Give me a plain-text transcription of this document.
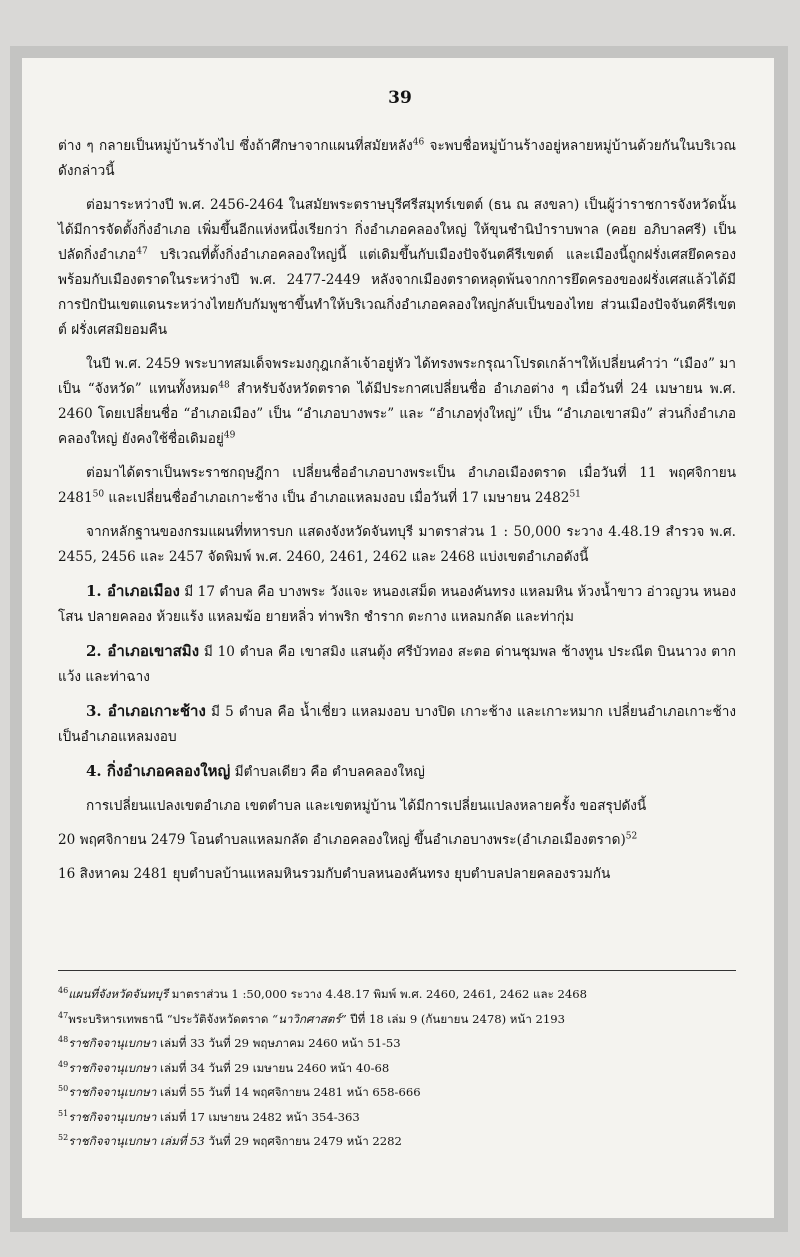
39

ต่าง ๆ กลายเป็นหมู่บ้านร้างไป ซึ่งถ้าศึกษาจากแผนที่สมัยหลัง$^{46}$ จะพบชื่อหมู่บ้านร้างอยู่หลายหมู่บ้านด้วยกันในบริเวณดังกล่าวนี้

ต่อมาระหว่างปี พ.ศ. 2456-2464 ในสมัยพระตราษบุรีศรีสมุทร์เขตต์ (ธน ณ สงขลา) เป็นผู้ว่าราชการจังหวัดนั้น ได้มีการจัดตั้งกิ่งอำเภอ เพิ่มขึ้นอีกแห่งหนึ่งเรียกว่า กิ่งอำเภอคลองใหญ่ ให้ขุนชำนิบำราบพาล (คอย อภิบาลศรี) เป็นปลัดกิ่งอำเภอ$^{47}$ บริเวณที่ตั้งกิ่งอำเภอคลองใหญ่นี้ แต่เดิมขึ้นกับเมืองปัจจันตคีรีเขตต์ และเมืองนี้ถูกฝรั่งเศสยึดครองพร้อมกับเมืองตราดในระหว่างปี พ.ศ. 2477-2449 หลังจากเมืองตราดหลุดพ้นจากการยึดครองของฝรั่งเศสแล้วได้มีการปักปันเขตแดนระหว่างไทยกับกัมพูชาขึ้นทำให้บริเวณกิ่งอำเภอคลองใหญ่กลับเป็นของไทย ส่วนเมืองปัจจันตคีรีเขตต์ ฝรั่งเศสมิยอมคืน

ในปี พ.ศ. 2459 พระบาทสมเด็จพระมงกุฎเกล้าเจ้าอยู่หัว ได้ทรงพระกรุณาโปรดเกล้าฯให้เปลี่ยนคำว่า “เมือง” มาเป็น “จังหวัด” แทนทั้งหมด$^{48}$ สำหรับจังหวัดตราด ได้มีประกาศเปลี่ยนชื่อ อำเภอต่าง ๆ เมื่อวันที่ 24 เมษายน พ.ศ. 2460 โดยเปลี่ยนชื่อ “อำเภอเมือง” เป็น “อำเภอบางพระ” และ “อำเภอทุ่งใหญ่” เป็น “อำเภอเขาสมิง” ส่วนกิ่งอำเภอคลองใหญ่ ยังคงใช้ชื่อเดิมอยู่$^{49}$

ต่อมาได้ตราเป็นพระราชกฤษฎีกา เปลี่ยนชื่ออำเภอบางพระเป็น อำเภอเมืองตราด เมื่อวันที่ 11 พฤศจิกายน 2481$^{50}$ และเปลี่ยนชื่ออำเภอเกาะช้าง เป็น อำเภอแหลมงอบ เมื่อวันที่ 17 เมษายน 2482$^{51}$

จากหลักฐานของกรมแผนที่ทหารบก แสดงจังหวัดจันทบุรี มาตราส่วน 1 : 50,000 ระวาง 4.48.19 สำรวจ พ.ศ. 2455, 2456 และ 2457 จัดพิมพ์ พ.ศ. 2460, 2461, 2462 และ 2468 แบ่งเขตอำเภอดังนี้

1. อำเภอเมือง มี 17 ตำบล คือ บางพระ วังแจะ หนองเสม็ด หนองคันทรง แหลมหิน ห้วงน้ำขาว อ่าวญวน หนองโสน ปลายคลอง ห้วยแร้ง แหลมฆ้อ ยายหลิ่ว ท่าพริก ชำราก ตะกาง แหลมกลัด และท่ากุ่ม

2. อำเภอเขาสมิง มี 10 ตำบล คือ เขาสมิง แสนตุ้ง ศรีบัวทอง สะตอ ด่านชุมพล ช้างทูน ประณีต บินนาวง ตากแว้ง และท่าฉาง

3. อำเภอเกาะช้าง มี 5 ตำบล คือ น้ำเชี่ยว แหลมงอบ บางปิด เกาะช้าง และเกาะหมาก เปลี่ยนอำเภอเกาะช้างเป็นอำเภอแหลมงอบ

4. กิ่งอำเภอคลองใหญ่ มีตำบลเดียว คือ ตำบลคลองใหญ่

การเปลี่ยนแปลงเขตอำเภอ เขตตำบล และเขตหมู่บ้าน ได้มีการเปลี่ยนแปลงหลายครั้ง ขอสรุปดังนี้

20 พฤศจิกายน 2479 โอนตำบลแหลมกลัด อำเภอคลองใหญ่ ขึ้นอำเภอบางพระ(อำเภอเมืองตราด)$^{52}$

16 สิงหาคม 2481 ยุบตำบลบ้านแหลมหินรวมกับตำบลหนองคันทรง ยุบตำบลปลายคลองรวมกัน

$^{46}$แผนที่จังหวัดจันทบุรี มาตราส่วน 1 :50,000 ระวาง 4.48.17 พิมพ์ พ.ศ. 2460, 2461, 2462 และ 2468

$^{47}$พระบริหารเทพธานี “ประวัติจังหวัดตราด “นาวิกศาสตร์” ปีที่ 18 เล่ม 9 (กันยายน 2478) หน้า 2193

$^{48}$ราชกิจจานุเบกษา เล่มที่ 33 วันที่ 29 พฤษภาคม 2460 หน้า 51-53

$^{49}$ราชกิจจานุเบกษา เล่มที่ 34 วันที่ 29 เมษายน 2460 หน้า 40-68

$^{50}$ราชกิจจานุเบกษา เล่มที่ 55 วันที่ 14 พฤศจิกายน 2481 หน้า 658-666

$^{51}$ราชกิจจานุเบกษา เล่มที่ 17 เมษายน 2482 หน้า 354-363

$^{52}$ราชกิจจานุเบกษา เล่มที่ 53 วันที่ 29 พฤศจิกายน 2479 หน้า 2282
